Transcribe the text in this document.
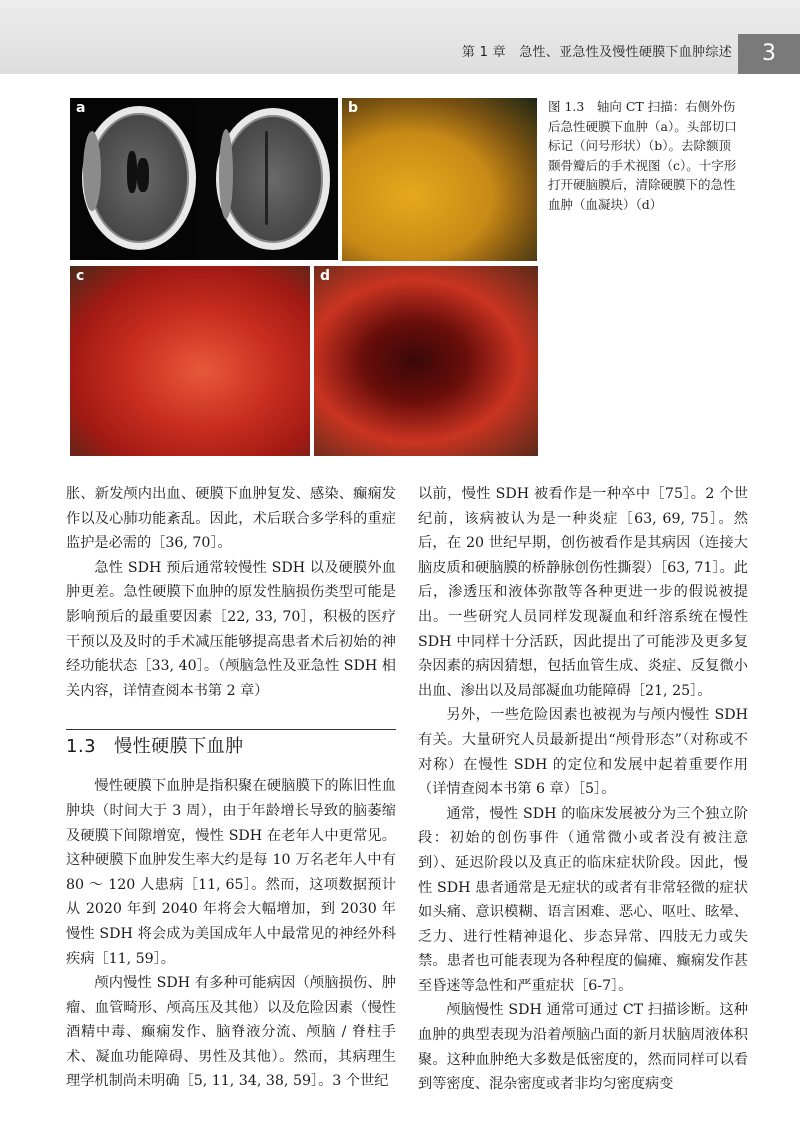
第 1 章　急性、亚急性及慢性硬膜下血肿综述	3
a	b
c	d
图 1.3　轴向 CT 扫描：右侧外伤后急性硬膜下血肿（a）。头部切口标记（问号形状）（b）。去除额顶颞骨瓣后的手术视图（c）。十字形打开硬脑膜后，清除硬膜下的急性血肿（血凝块）（d）

胀、新发颅内出血、硬膜下血肿复发、感染、癫痫发作以及心肺功能紊乱。因此，术后联合多学科的重症监护是必需的［36, 70］。

急性 SDH 预后通常较慢性 SDH 以及硬膜外血肿更差。急性硬膜下血肿的原发性脑损伤类型可能是影响预后的最重要因素［22, 33, 70］，积极的医疗干预以及及时的手术减压能够提高患者术后初始的神经功能状态［33, 40］。（颅脑急性及亚急性 SDH 相关内容，详情查阅本书第 2 章）

1.3 慢性硬膜下血肿

慢性硬膜下血肿是指积聚在硬脑膜下的陈旧性血肿块（时间大于 3 周），由于年龄增长导致的脑萎缩及硬膜下间隙增宽，慢性 SDH 在老年人中更常见。这种硬膜下血肿发生率大约是每 10 万名老年人中有 80 ～ 120 人患病［11, 65］。然而，这项数据预计从 2020 年到 2040 年将会大幅增加，到 2030 年慢性 SDH 将会成为美国成年人中最常见的神经外科疾病［11, 59］。

颅内慢性 SDH 有多种可能病因（颅脑损伤、肿瘤、血管畸形、颅高压及其他）以及危险因素（慢性酒精中毒、癫痫发作、脑脊液分流、颅脑 / 脊柱手术、凝血功能障碍、男性及其他）。然而，其病理生理学机制尚未明确［5, 11, 34, 38, 59］。3 个世纪

以前，慢性 SDH 被看作是一种卒中［75］。2 个世纪前，该病被认为是一种炎症［63, 69, 75］。然后，在 20 世纪早期，创伤被看作是其病因（连接大脑皮质和硬脑膜的桥静脉创伤性撕裂）［63, 71］。此后，渗透压和液体弥散等各种更进一步的假说被提出。一些研究人员同样发现凝血和纤溶系统在慢性 SDH 中同样十分活跃，因此提出了可能涉及更多复杂因素的病因猜想，包括血管生成、炎症、反复微小出血、渗出以及局部凝血功能障碍［21, 25］。

另外，一些危险因素也被视为与颅内慢性 SDH 有关。大量研究人员最新提出“颅骨形态”（对称或不对称）在慢性 SDH 的定位和发展中起着重要作用（详情查阅本书第 6 章）［5］。

通常，慢性 SDH 的临床发展被分为三个独立阶段：初始的创伤事件（通常微小或者没有被注意到）、延迟阶段以及真正的临床症状阶段。因此，慢性 SDH 患者通常是无症状的或者有非常轻微的症状如头痛、意识模糊、语言困难、恶心、呕吐、眩晕、乏力、进行性精神退化、步态异常、四肢无力或失禁。患者也可能表现为各种程度的偏瘫、癫痫发作甚至昏迷等急性和严重症状［6-7］。

颅脑慢性 SDH 通常可通过 CT 扫描诊断。这种血肿的典型表现为沿着颅脑凸面的新月状脑周液体积聚。这种血肿绝大多数是低密度的，然而同样可以看到等密度、混杂密度或者非均匀密度病变
